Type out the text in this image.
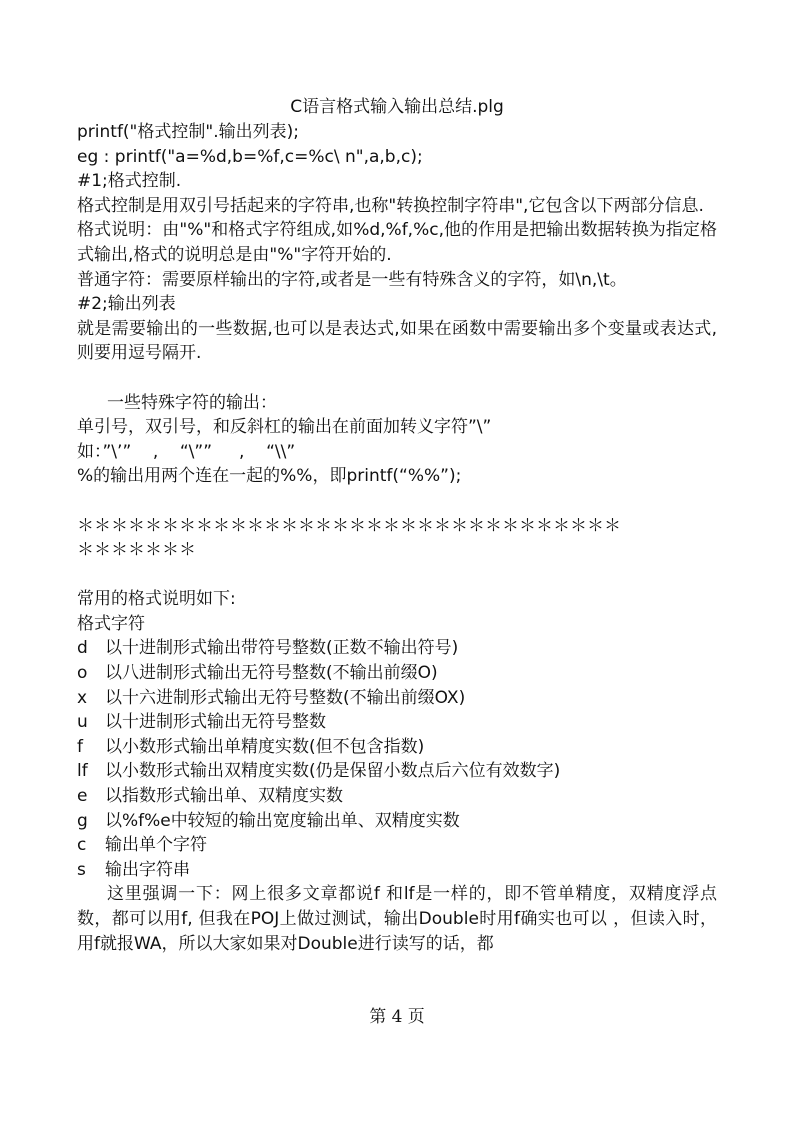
C语言格式输入输出总结.plg

printf("格式控制".输出列表);

eg : printf("a=%d,b=%f,c=%c\ n",a,b,c);

#1;格式控制.

格式控制是用双引号括起来的字符串,也称"转换控制字符串",它包含以下两部分信息.

格式说明：由"%"和格式字符组成,如%d,%f,%c,他的作用是把输出数据转换为指定格式输出,格式的说明总是由"%"字符开始的.

普通字符：需要原样输出的字符,或者是一些有特殊含义的字符，如\n,\t。

#2;输出列表

就是需要输出的一些数据,也可以是表达式,如果在函数中需要输出多个变量或表达式,则要用逗号隔开.

一些特殊字符的输出：

单引号，双引号，和反斜杠的输出在前面加转义字符”\”

如：”\’”    ,    “\””     ,    “\\”

%的输出用两个连在一起的%%，即printf(“%%”);

＊＊＊＊＊＊＊＊＊＊＊＊＊＊＊＊＊＊＊＊＊＊＊＊＊＊＊＊＊＊＊＊

＊＊＊＊＊＊＊

常用的格式说明如下:

格式字符

d	以十进制形式输出带符号整数(正数不输出符号)

o	以八进制形式输出无符号整数(不输出前缀O)

x	以十六进制形式输出无符号整数(不输出前缀OX)

u	以十进制形式输出无符号整数

f	以小数形式输出单精度实数(但不包含指数)

lf	以小数形式输出双精度实数(仍是保留小数点后六位有效数字)

e	以指数形式输出单、双精度实数

g	以%f%e中较短的输出宽度输出单、双精度实数

c	输出单个字符

s	输出字符串

这里强调一下：网上很多文章都说f 和lf是一样的，即不管单精度，双精度浮点数，都可以用f, 但我在POJ上做过测试，输出Double时用f确实也可以 ，但读入时，用f就报WA，所以大家如果对Double进行读写的话，都

第 4 页
